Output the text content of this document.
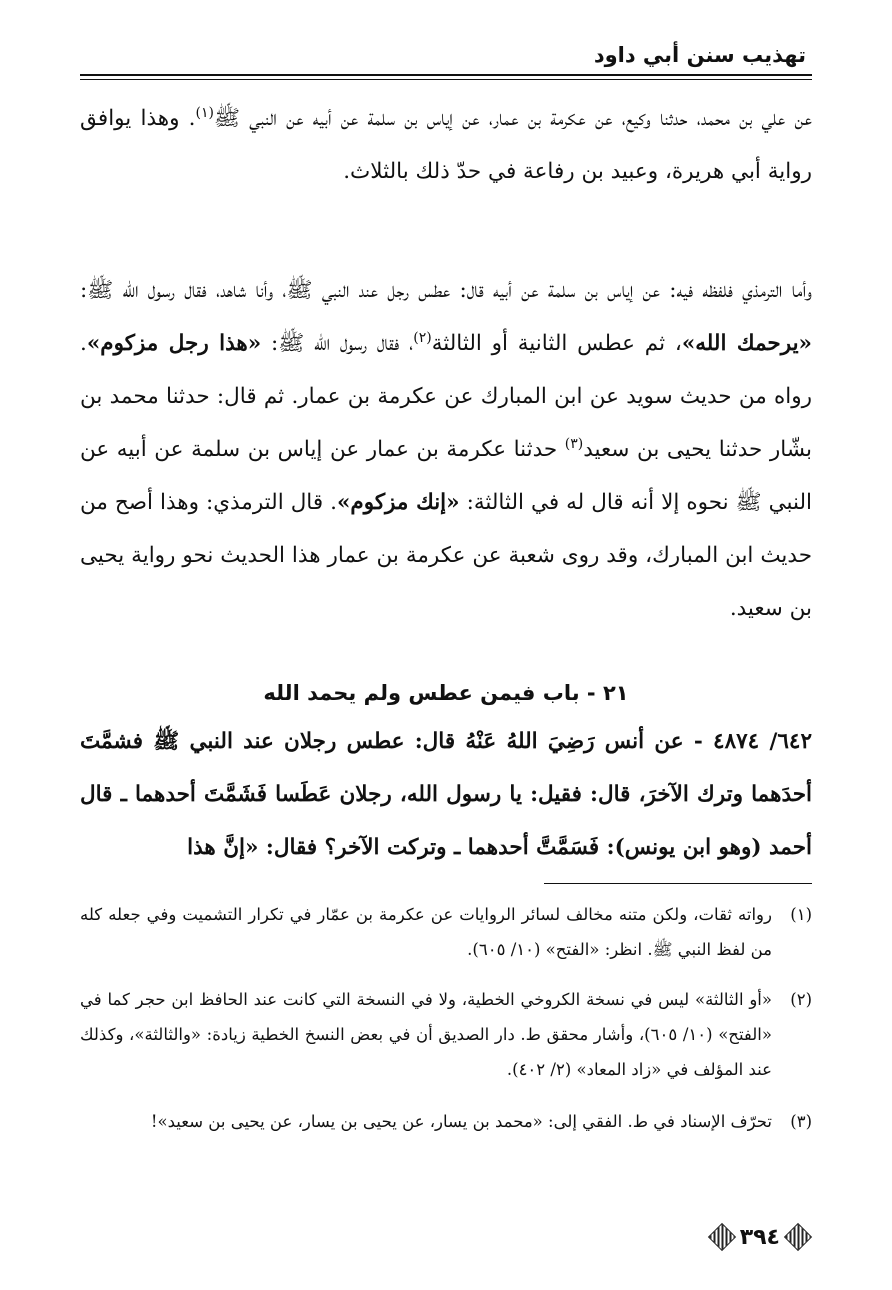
تهذيب سنن أبي داود

عن علي بن محمد، حدثنا وكيع، عن عكرمة بن عمار، عن إياس بن سلمة عن أبيه عن النبي ﷺ$^{(١)}$. وهذا يوافق رواية أبي هريرة، وعبيد بن رفاعة في حدّ ذلك بالثلاث.

وأما الترمذي فلفظه فيه: عن إياس بن سلمة عن أبيه قال: عطس رجل عند النبي ﷺ، وأنا شاهد، فقال رسول الله ﷺ: «يرحمك الله»، ثم عطس الثانية أو الثالثة$^{(٢)}$، فقال رسول الله ﷺ: «هذا رجل مزكوم». رواه من حديث سويد عن ابن المبارك عن عكرمة بن عمار. ثم قال: حدثنا محمد بن بشّار حدثنا يحيى بن سعيد$^{(٣)}$ حدثنا عكرمة بن عمار عن إياس بن سلمة عن أبيه عن النبي ﷺ نحوه إلا أنه قال له في الثالثة: «إنك مزكوم». قال الترمذي: وهذا أصح من حديث ابن المبارك، وقد روى شعبة عن عكرمة بن عمار هذا الحديث نحو رواية يحيى بن سعيد.

٢١ - باب فيمن عطس ولم يحمد الله

٦٤٢/ ٤٨٧٤ - عن أنس رَضِيَ اللهُ عَنْهُ قال: عطس رجلان عند النبي ﷺ فشمَّتَ أحدَهما وترك الآخرَ، قال: فقيل: يا رسول الله، رجلان عَطَسا فَشَمَّتَ أحدهما ـ قال أحمد (وهو ابن يونس): فَسَمَّتَّ أحدهما ـ وتركت الآخر؟ فقال: «إنَّ هذا

(١)
رواته ثقات، ولكن متنه مخالف لسائر الروايات عن عكرمة بن عمّار في تكرار التشميت وفي جعله كله من لفظ النبي ﷺ. انظر: «الفتح» (١٠/ ٦٠٥).
(٢)
«أو الثالثة» ليس في نسخة الكروخي الخطية، ولا في النسخة التي كانت عند الحافظ ابن حجر كما في «الفتح» (١٠/ ٦٠٥)، وأشار محقق ط. دار الصديق أن في بعض النسخ الخطية زيادة: «والثالثة»، وكذلك عند المؤلف في «زاد المعاد» (٢/ ٤٠٢).
(٣)
تحرّف الإسناد في ط. الفقي إلى: «محمد بن يسار، عن يحيى بن يسار، عن يحيى بن سعيد»!
٣٩٤
